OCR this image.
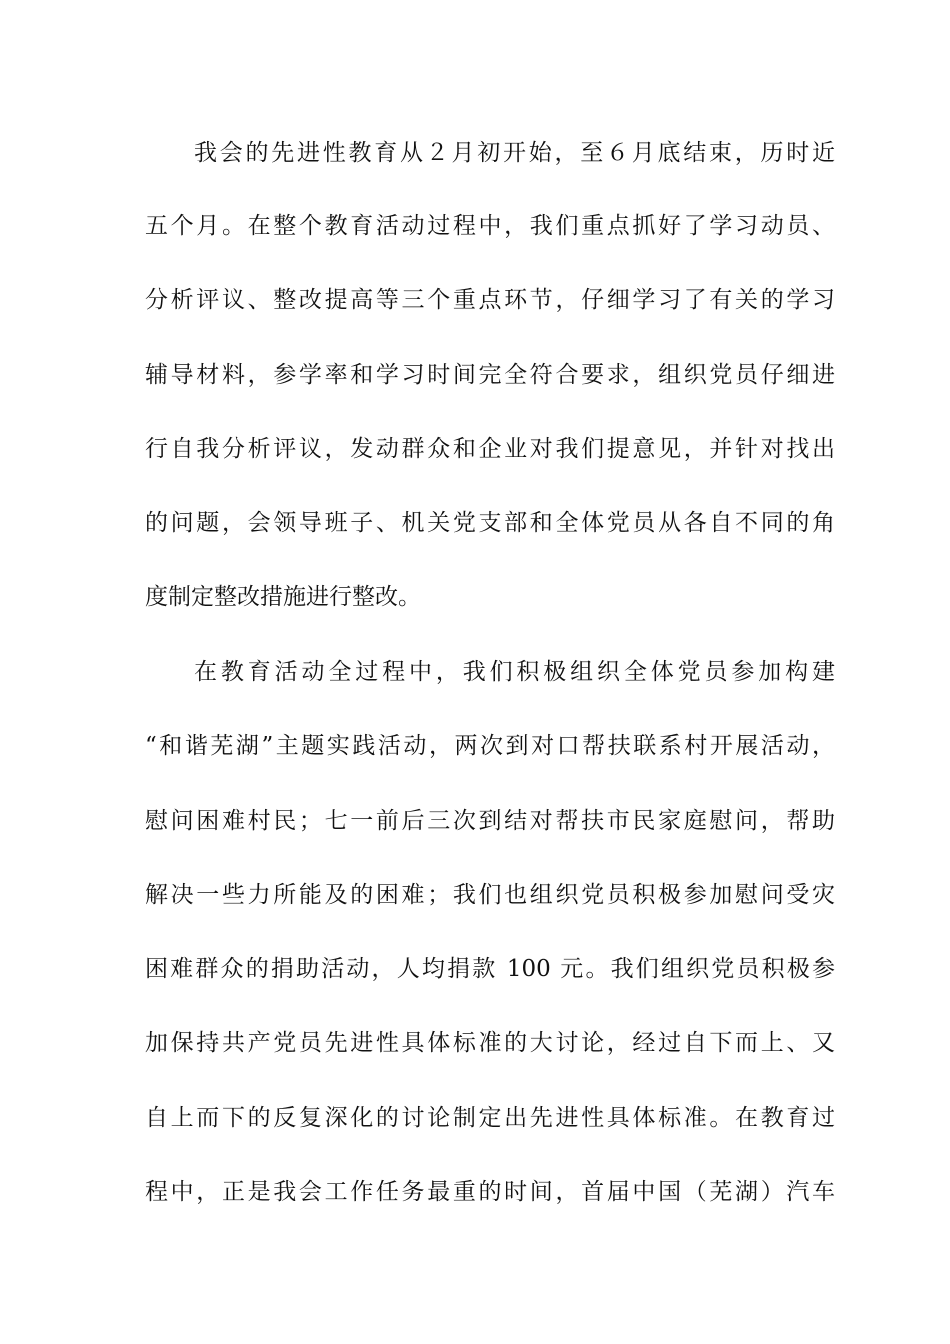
我会的先进性教育从２月初开始，至６月底结束，历时近
五个月。在整个教育活动过程中，我们重点抓好了学习动员、
分析评议、整改提高等三个重点环节，仔细学习了有关的学习
辅导材料，参学率和学习时间完全符合要求，组织党员仔细进
行自我分析评议，发动群众和企业对我们提意见，并针对找出
的问题，会领导班子、机关党支部和全体党员从各自不同的角
度制定整改措施进行整改。
在教育活动全过程中，我们积极组织全体党员参加构建
“和谐芜湖”主题实践活动，两次到对口帮扶联系村开展活动，
慰问困难村民；七一前后三次到结对帮扶市民家庭慰问，帮助
解决一些力所能及的困难；我们也组织党员积极参加慰问受灾
困难群众的捐助活动，人均捐款 100 元。我们组织党员积极参
加保持共产党员先进性具体标准的大讨论，经过自下而上、又
自上而下的反复深化的讨论制定出先进性具体标准。在教育过
程中，正是我会工作任务最重的时间，首届中国（芜湖）汽车
